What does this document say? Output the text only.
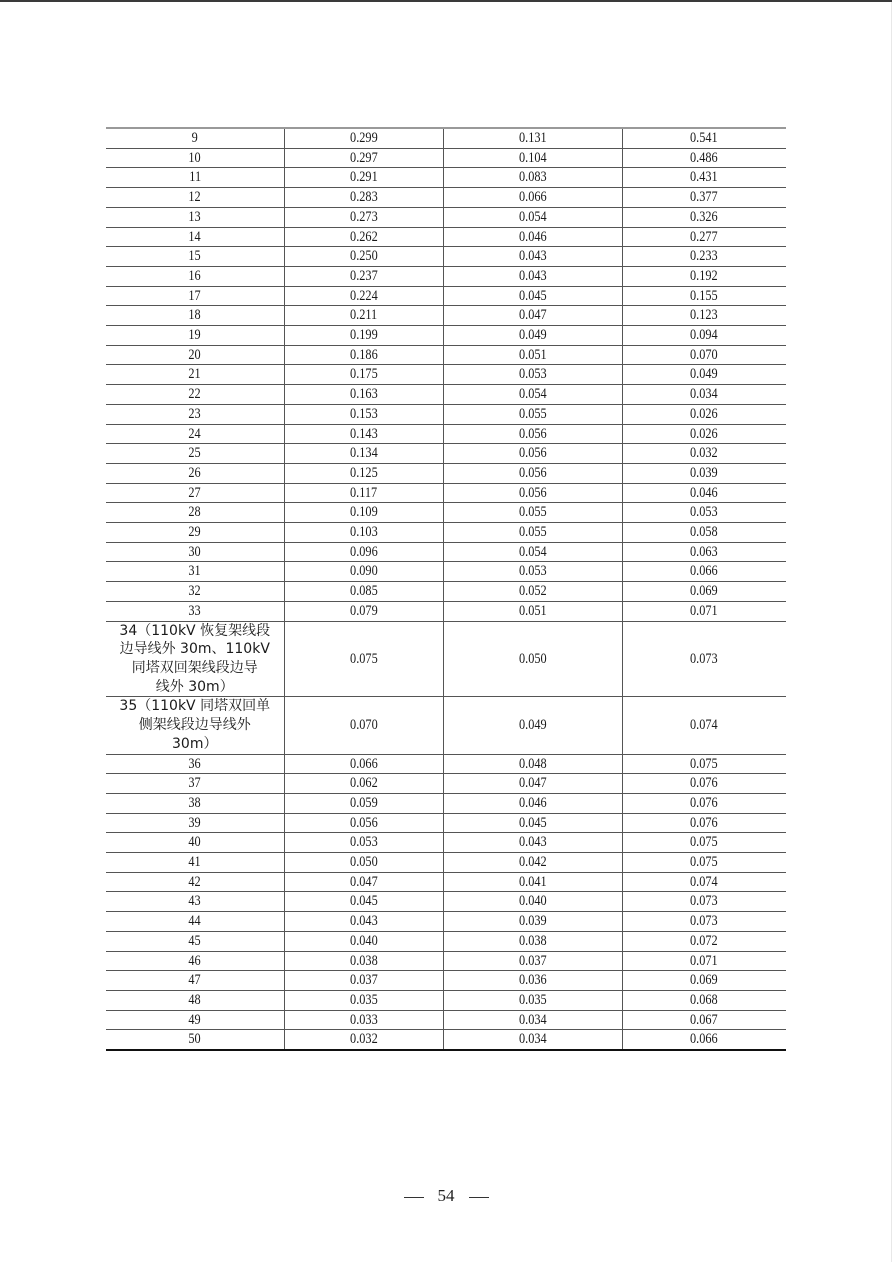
9	0.299	0.131	0.541
10	0.297	0.104	0.486
11	0.291	0.083	0.431
12	0.283	0.066	0.377
13	0.273	0.054	0.326
14	0.262	0.046	0.277
15	0.250	0.043	0.233
16	0.237	0.043	0.192
17	0.224	0.045	0.155
18	0.211	0.047	0.123
19	0.199	0.049	0.094
20	0.186	0.051	0.070
21	0.175	0.053	0.049
22	0.163	0.054	0.034
23	0.153	0.055	0.026
24	0.143	0.056	0.026
25	0.134	0.056	0.032
26	0.125	0.056	0.039
27	0.117	0.056	0.046
28	0.109	0.055	0.053
29	0.103	0.055	0.058
30	0.096	0.054	0.063
31	0.090	0.053	0.066
32	0.085	0.052	0.069
33	0.079	0.051	0.071

34（110kV 恢复架线段
边导线外 30m、110kV
同塔双回架线段边导
线外 30m）	0.075	0.050	0.073

35（110kV 同塔双回单
侧架线段边导线外
30m）	0.070	0.049	0.074
36	0.066	0.048	0.075
37	0.062	0.047	0.076
38	0.059	0.046	0.076
39	0.056	0.045	0.076
40	0.053	0.043	0.075
41	0.050	0.042	0.075
42	0.047	0.041	0.074
43	0.045	0.040	0.073
44	0.043	0.039	0.073
45	0.040	0.038	0.072
46	0.038	0.037	0.071
47	0.037	0.036	0.069
48	0.035	0.035	0.068
49	0.033	0.034	0.067
50	0.032	0.034	0.066
54
